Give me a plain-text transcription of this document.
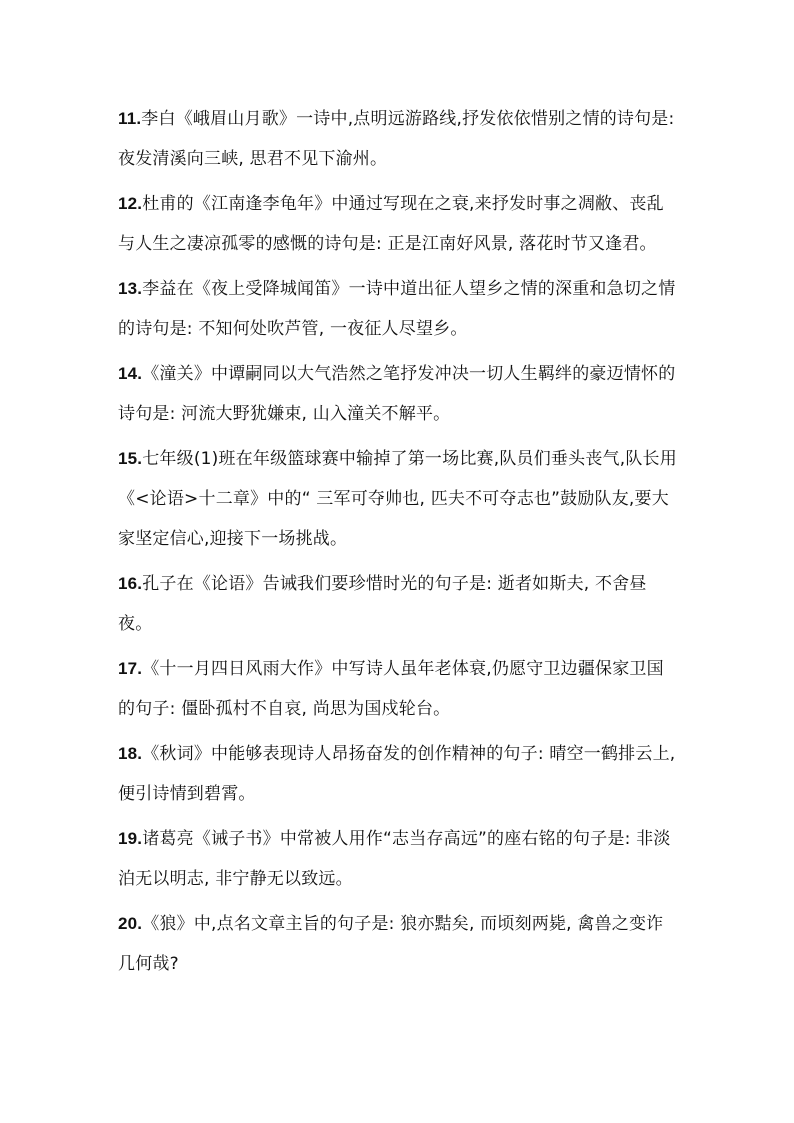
11.李白《峨眉山月歌》一诗中,点明远游路线,抒发依依惜别之情的诗句是: 夜发清溪向三峡, 思君不见下渝州。

12.杜甫的《江南逢李龟年》中通过写现在之衰,来抒发时事之凋敝、丧乱与人生之凄凉孤零的感慨的诗句是: 正是江南好风景, 落花时节又逢君。

13.李益在《夜上受降城闻笛》一诗中道出征人望乡之情的深重和急切之情的诗句是: 不知何处吹芦管, 一夜征人尽望乡。

14.《潼关》中谭嗣同以大气浩然之笔抒发冲决一切人生羁绊的豪迈情怀的诗句是: 河流大野犹嫌束, 山入潼关不解平。

15.七年级(1)班在年级篮球赛中输掉了第一场比赛,队员们垂头丧气,队长用《<论语>十二章》中的“ 三军可夺帅也, 匹夫不可夺志也”鼓励队友,要大家坚定信心,迎接下一场挑战。

16.孔子在《论语》告诫我们要珍惜时光的句子是: 逝者如斯夫, 不舍昼夜。

17.《十一月四日风雨大作》中写诗人虽年老体衰,仍愿守卫边疆保家卫国的句子: 僵卧孤村不自哀, 尚思为国戍轮台。

18.《秋词》中能够表现诗人昂扬奋发的创作精神的句子: 晴空一鹤排云上, 便引诗情到碧霄。

19.诸葛亮《诫子书》中常被人用作“志当存高远”的座右铭的句子是: 非淡泊无以明志, 非宁静无以致远。

20.《狼》中,点名文章主旨的句子是: 狼亦黠矣, 而顷刻两毙, 禽兽之变诈几何哉?
